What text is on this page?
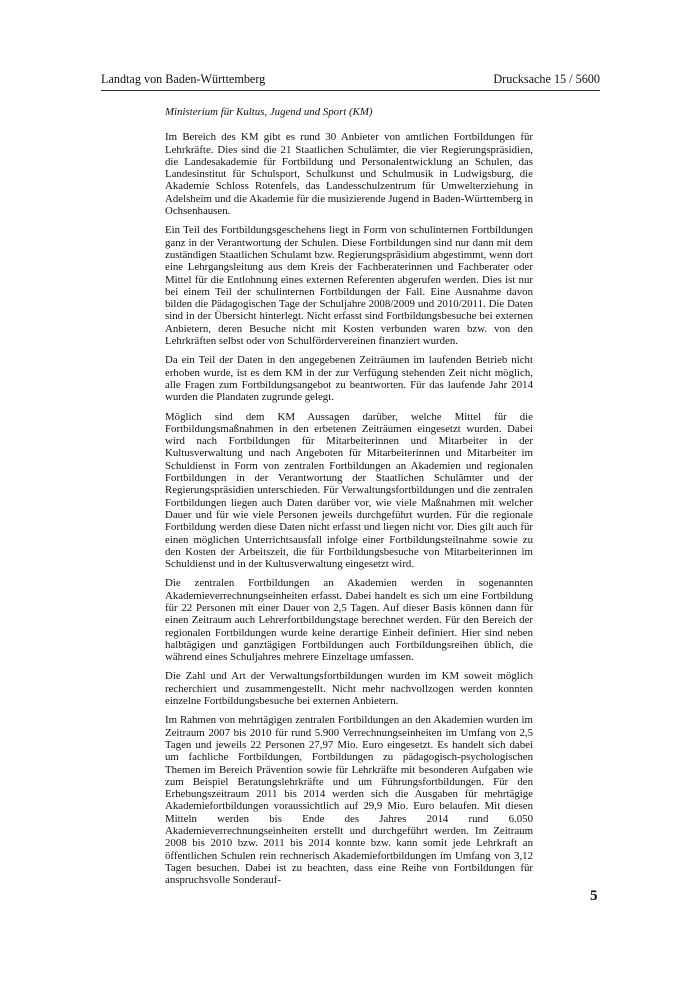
Landtag von Baden-Württemberg	Drucksache 15 / 5600
Ministerium für Kultus, Jugend und Sport (KM)

Im Bereich des KM gibt es rund 30 Anbieter von amtlichen Fortbildungen für Lehrkräfte. Dies sind die 21 Staatlichen Schulämter, die vier Regierungspräsidien, die Landesakademie für Fortbildung und Personalentwicklung an Schulen, das Landesinstitut für Schulsport, Schulkunst und Schulmusik in Ludwigsburg, die Akademie Schloss Rotenfels, das Landesschulzentrum für Umwelterziehung in Adelsheim und die Akademie für die musizierende Jugend in Baden-Württemberg in Ochsenhausen.

Ein Teil des Fortbildungsgeschehens liegt in Form von schulinternen Fortbildungen ganz in der Verantwortung der Schulen. Diese Fortbildungen sind nur dann mit dem zuständigen Staatlichen Schulamt bzw. Regierungspräsidium abgestimmt, wenn dort eine Lehrgangsleitung aus dem Kreis der Fachberaterinnen und Fachberater oder Mittel für die Entlohnung eines externen Referenten abgerufen werden. Dies ist nur bei einem Teil der schulinternen Fortbildungen der Fall. Eine Ausnahme davon bilden die Pädagogischen Tage der Schuljahre 2008/2009 und 2010/2011. Die Daten sind in der Übersicht hinterlegt. Nicht erfasst sind Fortbildungsbesuche bei externen Anbietern, deren Besuche nicht mit Kosten verbunden waren bzw. von den Lehrkräften selbst oder von Schulfördervereinen finanziert wurden.

Da ein Teil der Daten in den angegebenen Zeiträumen im laufenden Betrieb nicht erhoben wurde, ist es dem KM in der zur Verfügung stehenden Zeit nicht möglich, alle Fragen zum Fortbildungsangebot zu beantworten. Für das laufende Jahr 2014 wurden die Plandaten zugrunde gelegt.

Möglich sind dem KM Aussagen darüber, welche Mittel für die Fortbildungsmaßnahmen in den erbetenen Zeiträumen eingesetzt wurden. Dabei wird nach Fortbildungen für Mitarbeiterinnen und Mitarbeiter in der Kultusverwaltung und nach Angeboten für Mitarbeiterinnen und Mitarbeiter im Schuldienst in Form von zentralen Fortbildungen an Akademien und regionalen Fortbildungen in der Verantwortung der Staatlichen Schulämter und der Regierungspräsidien unterschieden. Für Verwaltungsfortbildungen und die zentralen Fortbildungen liegen auch Daten darüber vor, wie viele Maßnahmen mit welcher Dauer und für wie viele Personen jeweils durchgeführt wurden. Für die regionale Fortbildung werden diese Daten nicht erfasst und liegen nicht vor. Dies gilt auch für einen möglichen Unterrichtsausfall infolge einer Fortbildungsteilnahme sowie zu den Kosten der Arbeitszeit, die für Fortbildungsbesuche von Mitarbeiterinnen im Schuldienst und in der Kultusverwaltung eingesetzt wird.

Die zentralen Fortbildungen an Akademien werden in sogenannten Akademieverrechnungseinheiten erfasst. Dabei handelt es sich um eine Fortbildung für 22 Personen mit einer Dauer von 2,5 Tagen. Auf dieser Basis können dann für einen Zeitraum auch Lehrerfortbildungstage berechnet werden. Für den Bereich der regionalen Fortbildungen wurde keine derartige Einheit definiert. Hier sind neben halbtägigen und ganztägigen Fortbildungen auch Fortbildungsreihen üblich, die während eines Schuljahres mehrere Einzeltage umfassen.

Die Zahl und Art der Verwaltungsfortbildungen wurden im KM soweit möglich recherchiert und zusammengestellt. Nicht mehr nachvollzogen werden konnten einzelne Fortbildungsbesuche bei externen Anbietern.

Im Rahmen von mehrtägigen zentralen Fortbildungen an den Akademien wurden im Zeitraum 2007 bis 2010 für rund 5.900 Verrechnungseinheiten im Umfang von 2,5 Tagen und jeweils 22 Personen 27,97 Mio. Euro eingesetzt. Es handelt sich dabei um fachliche Fortbildungen, Fortbildungen zu pädagogisch-psychologischen Themen im Bereich Prävention sowie für Lehrkräfte mit besonderen Aufgaben wie zum Beispiel Beratungslehrkräfte und um Führungsfortbildungen. Für den Erhebungszeitraum 2011 bis 2014 werden sich die Ausgaben für mehrtägige Akademiefortbildungen voraussichtlich auf 29,9 Mio. Euro belaufen. Mit diesen Mitteln werden bis Ende des Jahres 2014 rund 6.050 Akademieverrechnungseinheiten erstellt und durchgeführt werden. Im Zeitraum 2008 bis 2010 bzw. 2011 bis 2014 konnte bzw. kann somit jede Lehrkraft an öffentlichen Schulen rein rechnerisch Akademiefortbildungen im Umfang von 3,12 Tagen besuchen. Dabei ist zu beachten, dass eine Reihe von Fortbildungen für anspruchsvolle Sonderauf-

5
